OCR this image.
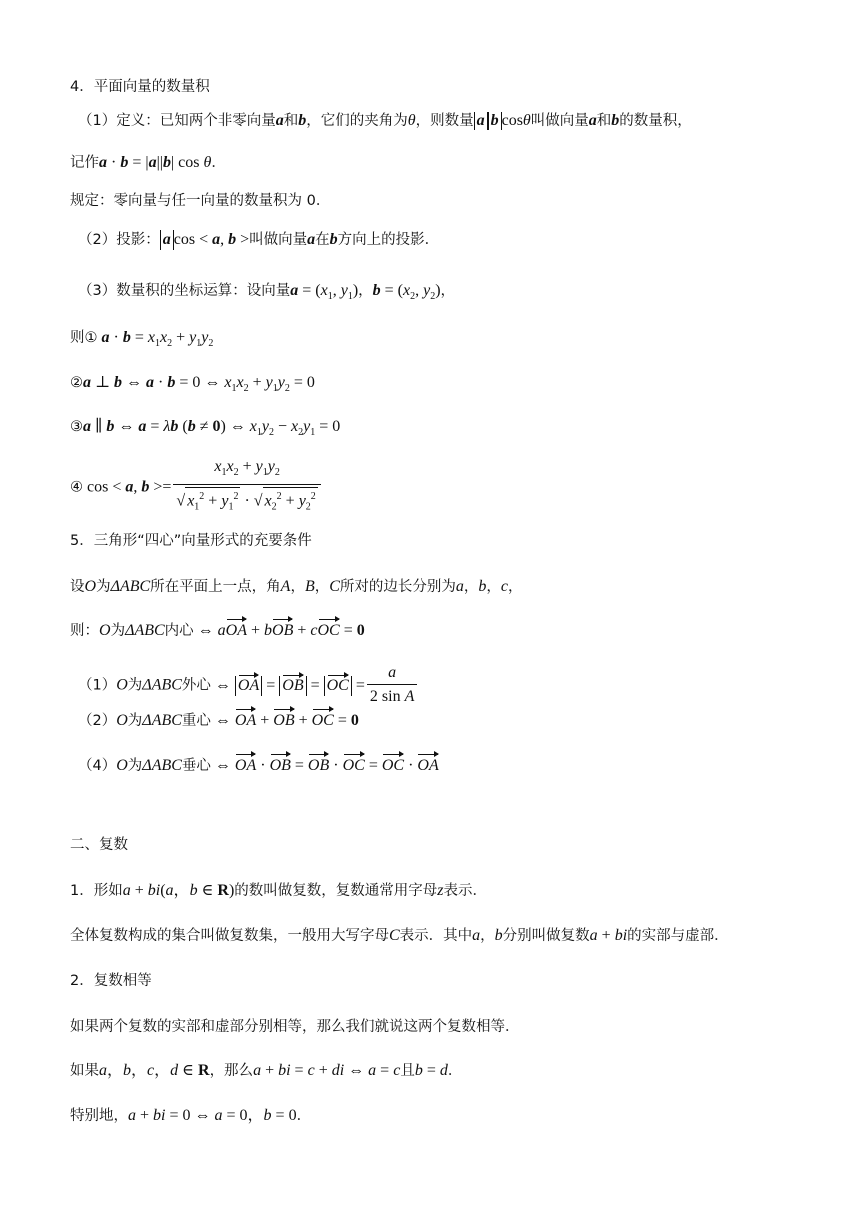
4．平面向量的数量积
（1）定义：已知两个非零向量a和b，它们的夹角为θ，则数量 a b cosθ叫做向量a和b的数量积，
记作a · b = |a||b| cos θ．
规定：零向量与任一向量的数量积为 0．
（2）投影： a cos < a, b >叫做向量a在b方向上的投影．
（3）数量积的坐标运算：设向量$a = (x_1$, $y_1$)，$b = (x_2$, $y_2$)，
则① $a \cdot b = x_1x_2 + y_1y_2$
②a ⊥ b ⇔ a · b = 0 ⇔ $x_1x_2 + y_1y_2 = 0$
③a ∥ b ⇔ a = λb (b ≠ 0) ⇔ $x_1y_2 - x_2y_1 = 0$
④ cos < a, $b >= \frac{x_1x_2 + y_1y_2}{√ x_1^2 + y_1^2 \cdot √ x_2^2 + y_2^2}$
5．三角形“四心”向量形式的充要条件
设O为ΔABC所在平面上一点，角A，B，C所对的边长分别为a，b，c，
则：O为ΔABC内心 ⇔ aOA + bOB + cOC = 0
（1）O为ΔABC外心 ⇔ OA = OB = OC = $\frac{a}{\text{2 sin A}}$
（2）O为ΔABC重心 ⇔ OA + OB + OC = 0
（4）O为ΔABC垂心 ⇔ OA · OB = OB · OC = OC · OA
二、复数
1．形如a + bi(a，b ∈ R)的数叫做复数，复数通常用字母z表示．
全体复数构成的集合叫做复数集，一般用大写字母C表示．其中a，b分别叫做复数a + bi的实部与虚部．
2．复数相等
如果两个复数的实部和虚部分别相等，那么我们就说这两个复数相等．
如果a，b，c，d ∈ R，那么a + bi = c + di ⇔ a = c且b = d．
特别地，a + bi = 0 ⇔ a = 0，b = 0．
